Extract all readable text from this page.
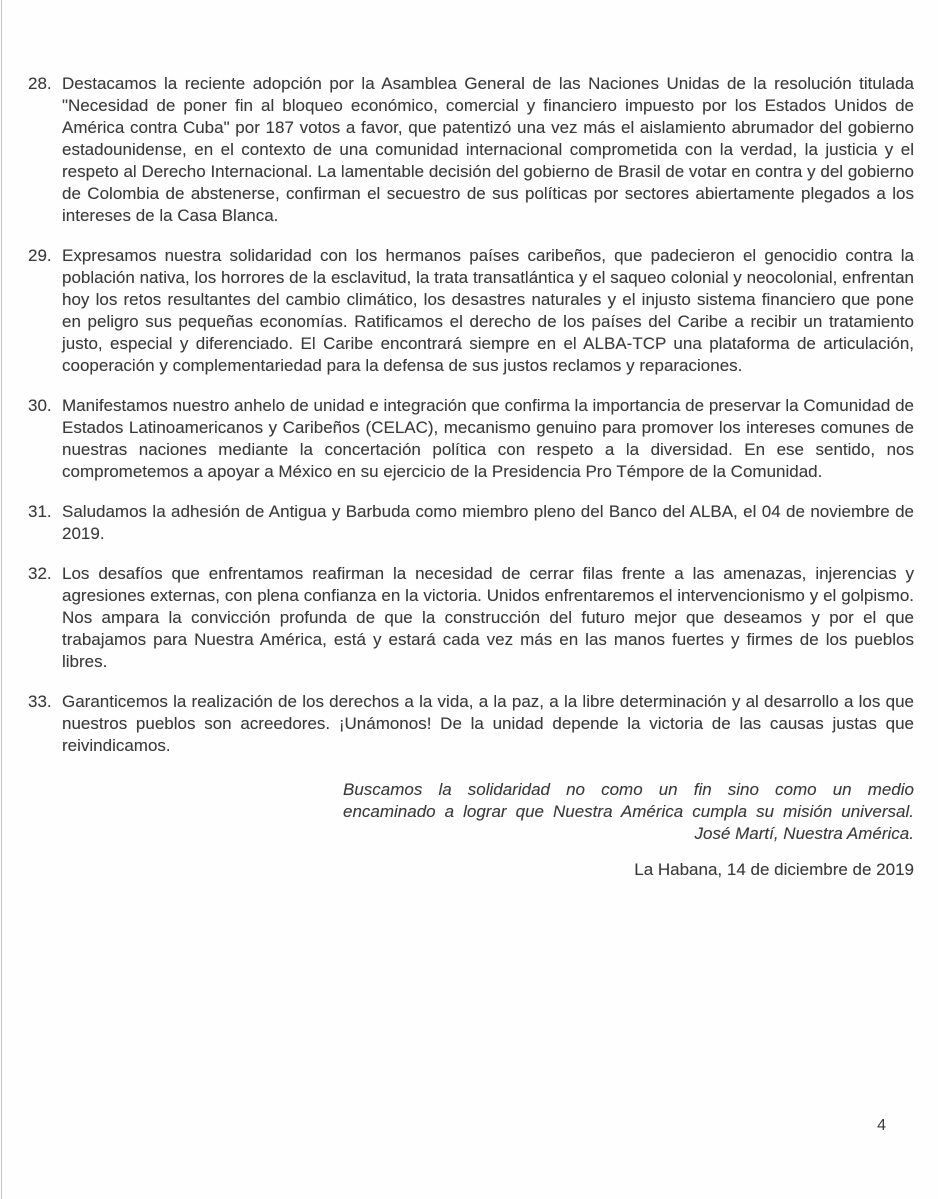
28. Destacamos la reciente adopción por la Asamblea General de las Naciones Unidas de la resolución titulada "Necesidad de poner fin al bloqueo económico, comercial y financiero impuesto por los Estados Unidos de América contra Cuba" por 187 votos a favor, que patentizó una vez más el aislamiento abrumador del gobierno estadounidense, en el contexto de una comunidad internacional comprometida con la verdad, la justicia y el respeto al Derecho Internacional. La lamentable decisión del gobierno de Brasil de votar en contra y del gobierno de Colombia de abstenerse, confirman el secuestro de sus políticas por sectores abiertamente plegados a los intereses de la Casa Blanca.

29. Expresamos nuestra solidaridad con los hermanos países caribeños, que padecieron el genocidio contra la población nativa, los horrores de la esclavitud, la trata transatlántica y el saqueo colonial y neocolonial, enfrentan hoy los retos resultantes del cambio climático, los desastres naturales y el injusto sistema financiero que pone en peligro sus pequeñas economías. Ratificamos el derecho de los países del Caribe a recibir un tratamiento justo, especial y diferenciado. El Caribe encontrará siempre en el ALBA-TCP una plataforma de articulación, cooperación y complementariedad para la defensa de sus justos reclamos y reparaciones.

30. Manifestamos nuestro anhelo de unidad e integración que confirma la importancia de preservar la Comunidad de Estados Latinoamericanos y Caribeños (CELAC), mecanismo genuino para promover los intereses comunes de nuestras naciones mediante la concertación política con respeto a la diversidad. En ese sentido, nos comprometemos a apoyar a México en su ejercicio de la Presidencia Pro Témpore de la Comunidad.

31. Saludamos la adhesión de Antigua y Barbuda como miembro pleno del Banco del ALBA, el 04 de noviembre de 2019.

32. Los desafíos que enfrentamos reafirman la necesidad de cerrar filas frente a las amenazas, injerencias y agresiones externas, con plena confianza en la victoria. Unidos enfrentaremos el intervencionismo y el golpismo. Nos ampara la convicción profunda de que la construcción del futuro mejor que deseamos y por el que trabajamos para Nuestra América, está y estará cada vez más en las manos fuertes y firmes de los pueblos libres.

33. Garanticemos la realización de los derechos a la vida, a la paz, a la libre determinación y al desarrollo a los que nuestros pueblos son acreedores. ¡Unámonos! De la unidad depende la victoria de las causas justas que reivindicamos.

Buscamos la solidaridad no como un fin sino como un medio
encaminado a lograr que Nuestra América cumpla su misión universal.
José Martí, Nuestra América.
La Habana, 14 de diciembre de 2019
4
